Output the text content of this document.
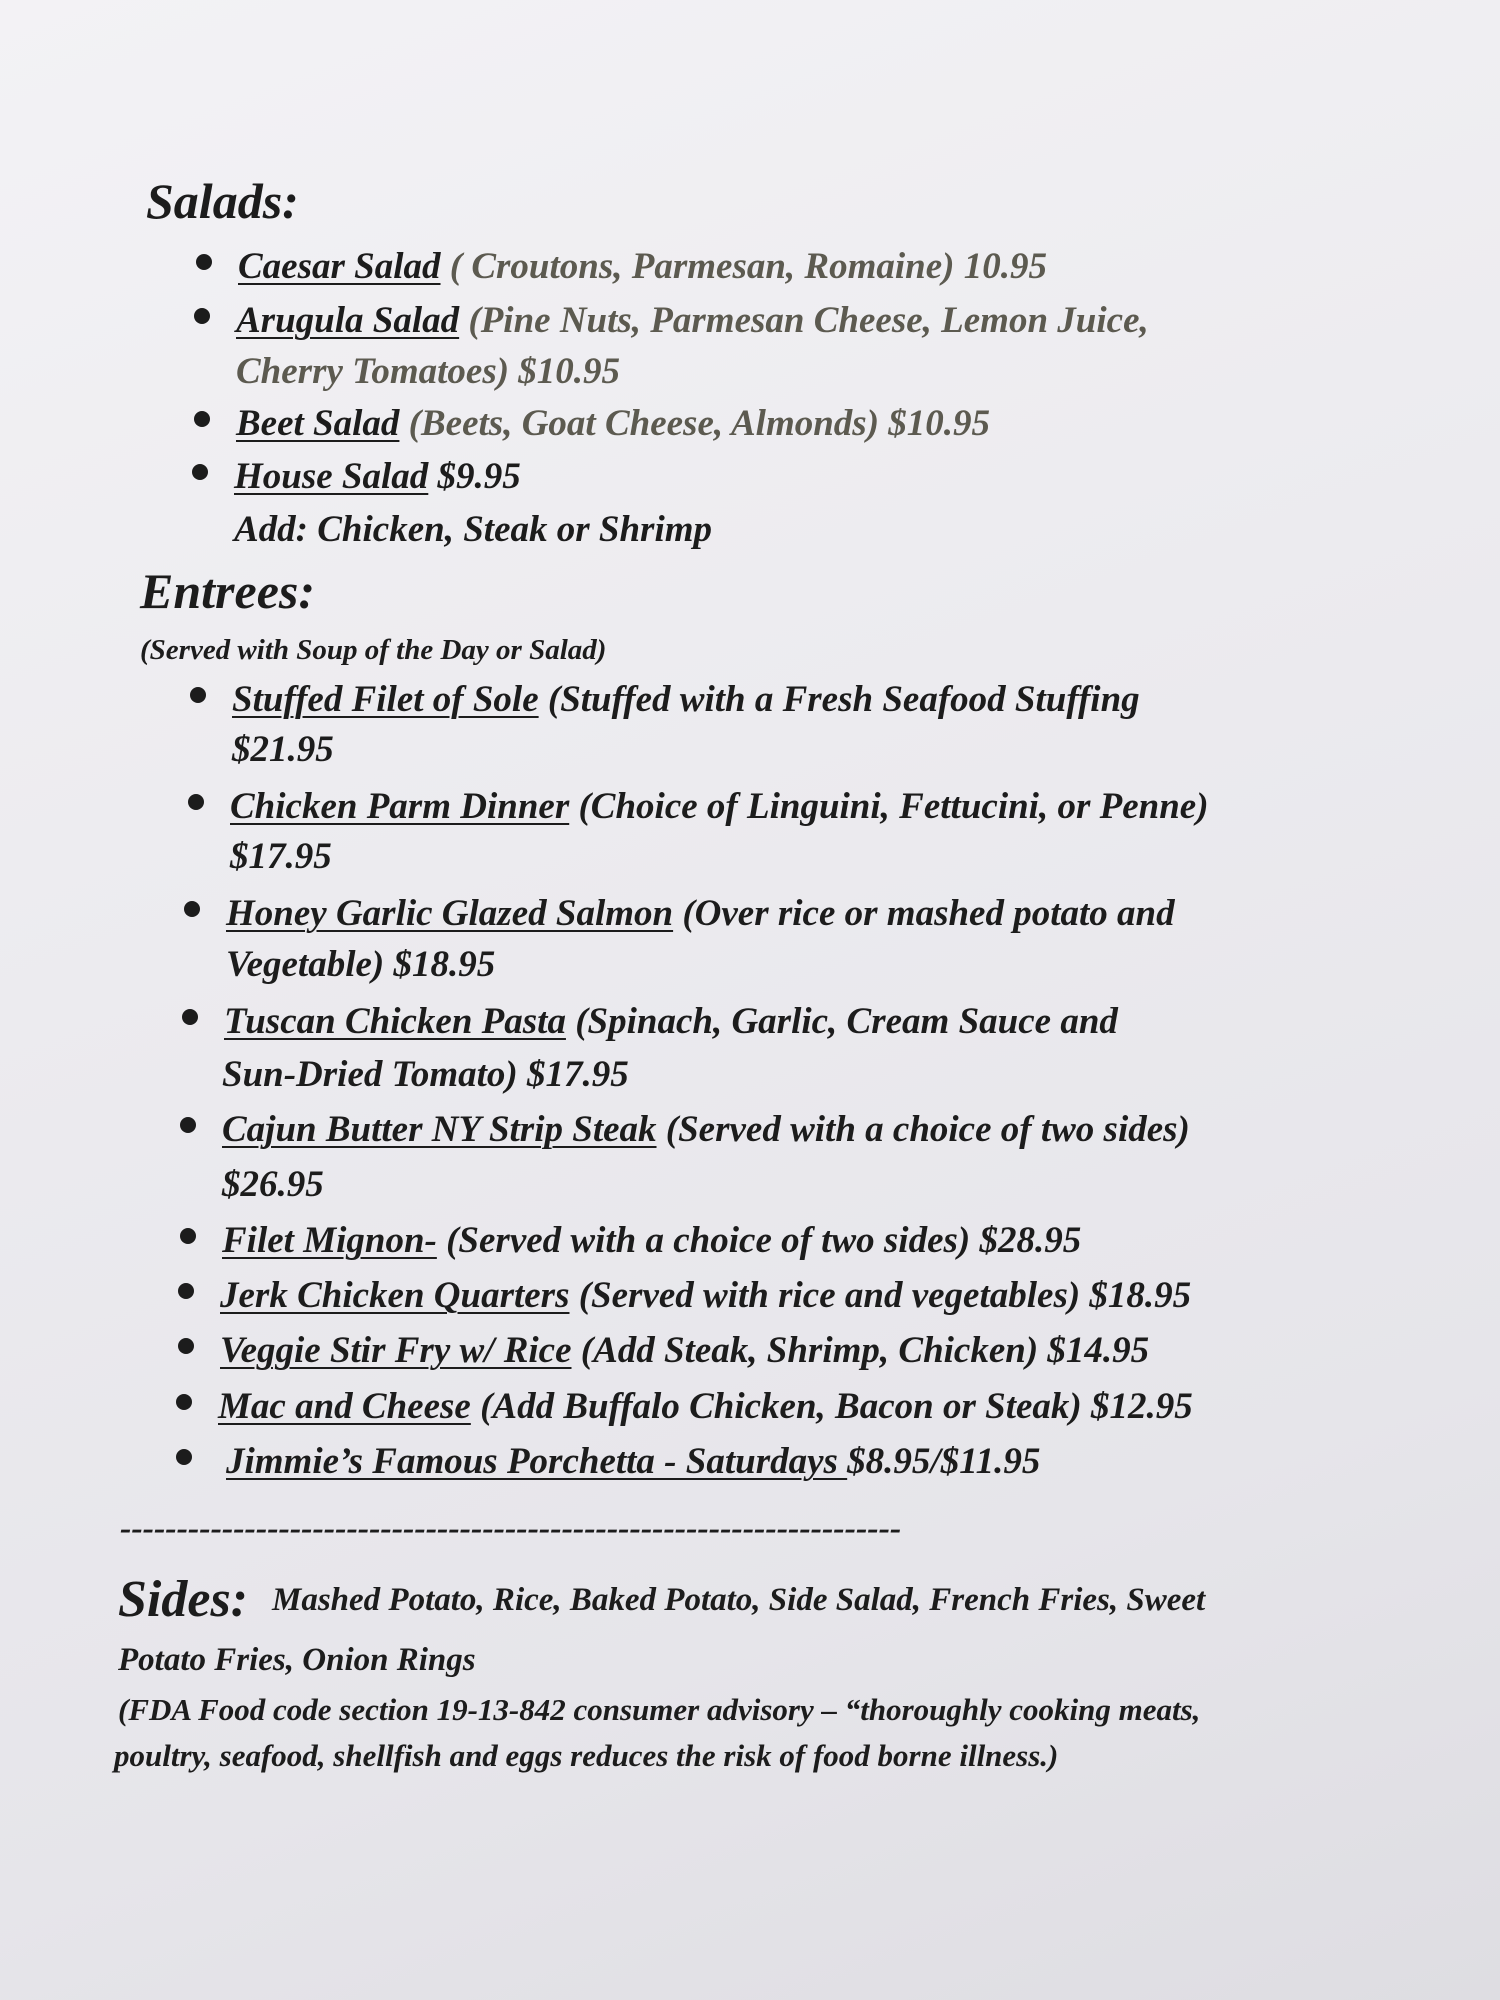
Salads:
Caesar Salad ( Croutons, Parmesan, Romaine) 10.95
Arugula Salad (Pine Nuts, Parmesan Cheese, Lemon Juice,
Cherry Tomatoes) $10.95
Beet Salad (Beets, Goat Cheese, Almonds) $10.95
House Salad $9.95
Add: Chicken, Steak or Shrimp
Entrees:
(Served with Soup of the Day or Salad)
Stuffed Filet of Sole (Stuffed with a Fresh Seafood Stuffing
$21.95
Chicken Parm Dinner (Choice of Linguini, Fettucini, or Penne)
$17.95
Honey Garlic Glazed Salmon (Over rice or mashed potato and
Vegetable) $18.95
Tuscan Chicken Pasta (Spinach, Garlic, Cream Sauce and
Sun-Dried Tomato) $17.95
Cajun Butter NY Strip Steak (Served with a choice of two sides)
$26.95
Filet Mignon- (Served with a choice of two sides) $28.95
Jerk Chicken Quarters (Served with rice and vegetables) $18.95
Veggie Stir Fry w/ Rice (Add Steak, Shrimp, Chicken) $14.95
Mac and Cheese (Add Buffalo Chicken, Bacon or Steak) $12.95
Jimmie’s Famous Porchetta - Saturdays $8.95/$11.95
---------------------------------------------------------------------
Sides: Mashed Potato, Rice, Baked Potato, Side Salad, French Fries, Sweet
Potato Fries, Onion Rings
(FDA Food code section 19-13-842 consumer advisory – “thoroughly cooking meats,
poultry, seafood, shellfish and eggs reduces the risk of food borne illness.)
